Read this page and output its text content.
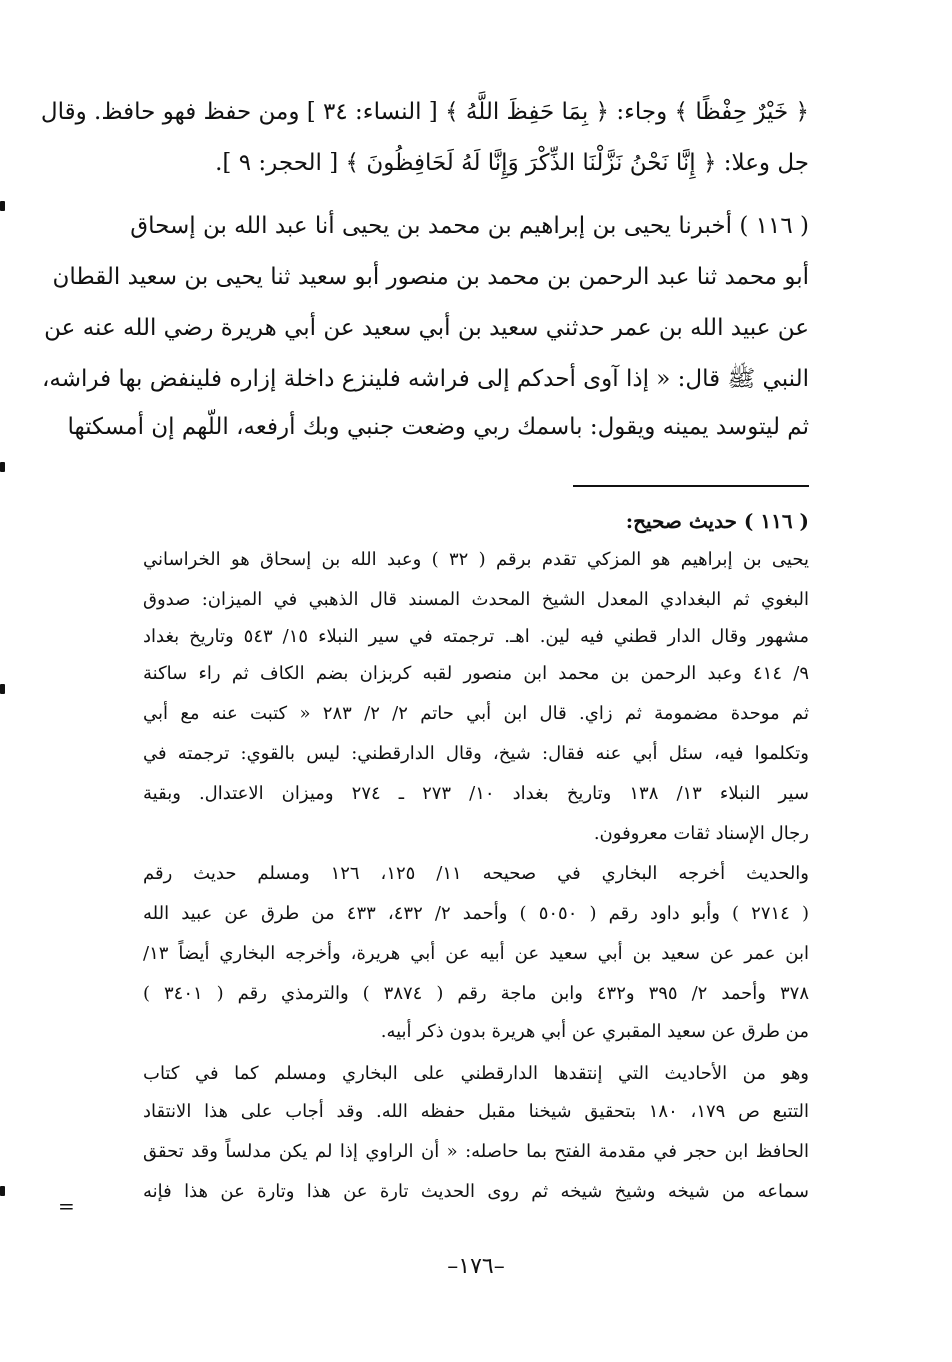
﴿ خَيْرٌ حِفْظًا ﴾ وجاء: ﴿ بِمَا حَفِظَ اللَّهُ ﴾ [ النساء: ٣٤ ] ومن حفظ فهو حافظ. وقال
جل وعلا: ﴿ إِنَّا نَحْنُ نَزَّلْنَا الذِّكْرَ وَإِنَّا لَهُ لَحَافِظُونَ ﴾ [ الحجر: ٩ ].
( ١١٦ ) أخبرنا يحيى بن إبراهيم بن محمد بن يحيى أنا عبد الله بن إسحاق
أبو محمد ثنا عبد الرحمن بن محمد بن منصور أبو سعيد ثنا يحيى بن سعيد القطان
عن عبيد الله بن عمر حدثني سعيد بن أبي سعيد عن أبي هريرة رضي الله عنه عن
النبي ﷺ قال: « إذا آوى أحدكم إلى فراشه فلينزع داخلة إزاره فلينفض بها فراشه،
ثم ليتوسد يمينه ويقول: باسمك ربي وضعت جنبي وبك أرفعه، اللّهم إن أمسكتها
( ١١٦ ) حديث صحيح:
يحيى بن إبراهيم هو المزكي تقدم برقم ( ٣٢ ) وعبد الله بن إسحاق هو الخراساني
البغوي ثم البغدادي المعدل الشيخ المحدث المسند قال الذهبي في الميزان: صدوق
مشهور وقال الدار قطني فيه لين. اهـ. ترجمته في سير النبلاء ١٥/ ٥٤٣ وتاريخ بغداد
٩/ ٤١٤ وعبد الرحمن بن محمد ابن منصور لقبه كربزان بضم الكاف ثم راء ساكنة
ثم موحدة مضمومة ثم زاي. قال ابن أبي حاتم ٢/ ٢/ ٢٨٣ « كتبت عنه مع أبي
وتكلموا فيه، سئل أبي عنه فقال: شيخ، وقال الدارقطني: ليس بالقوي: ترجمته في
سير النبلاء ١٣/ ١٣٨ وتاريخ بغداد ١٠/ ٢٧٣ ـ ٢٧٤ وميزان الاعتدال. وبقية
رجال الإسناد ثقات معروفون.
والحديث أخرجه البخاري في صحيحه ١١/ ١٢٥، ١٢٦ ومسلم حديث رقم
( ٢٧١٤ ) وأبو داود رقم ( ٥٠٥٠ ) وأحمد ٢/ ٤٣٢، ٤٣٣ من طرق عن عبيد الله
ابن عمر عن سعيد بن أبي سعيد عن أبيه عن أبي هريرة، وأخرجه البخاري أيضاً ١٣/
٣٧٨ وأحمد ٢/ ٣٩٥ و٤٣٢ وابن ماجة رقم ( ٣٨٧٤ ) والترمذي رقم ( ٣٤٠١ )
من طرق عن سعيد المقبري عن أبي هريرة بدون ذكر أبيه.
وهو من الأحاديث التي إنتقدها الدارقطني على البخاري ومسلم كما في كتاب
التتبع ص ١٧٩، ١٨٠ بتحقيق شيخنا مقبل حفظه الله. وقد أجاب على هذا الانتقاد
الحافظ ابن حجر في مقدمة الفتح بما حاصله: « أن الراوي إذا لم يكن مدلساً وقد تحقق
سماعه من شيخه وشيخ شيخه ثم روى الحديث تارة عن هذا وتارة عن هذا فإنه
=
–١٧٦–
